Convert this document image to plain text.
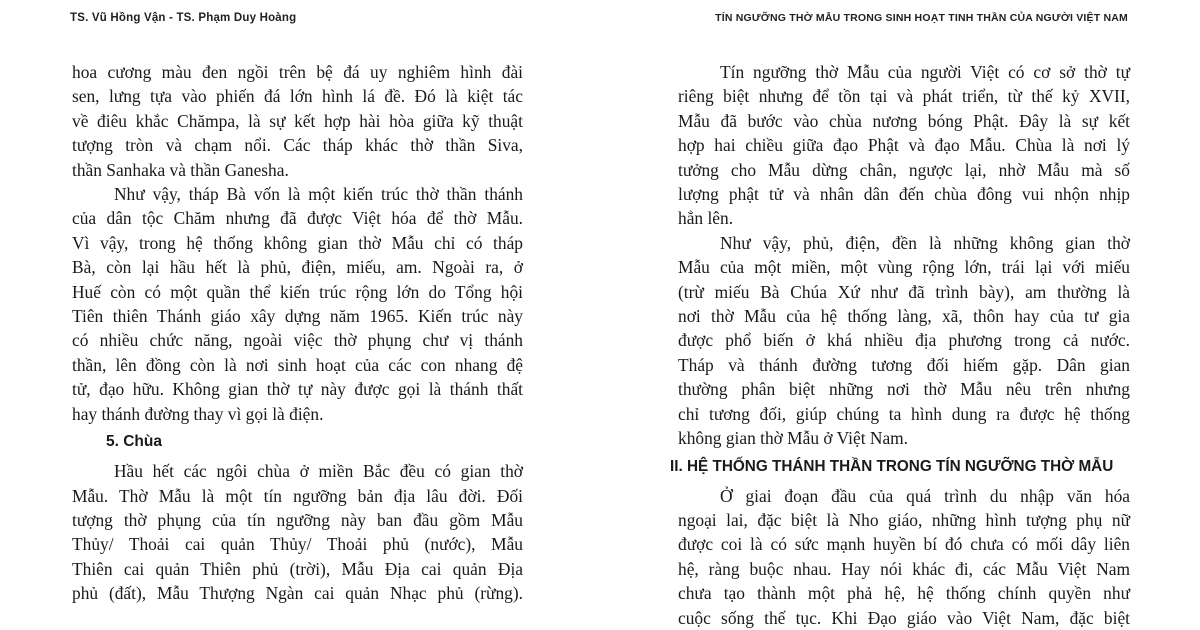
TS. Vũ Hồng Vận - TS. Phạm Duy Hoàng

hoa cương màu đen ngồi trên bệ đá uy nghiêm hình đài
sen, lưng tựa vào phiến đá lớn hình lá đề. Đó là kiệt tác
về điêu khắc Chămpa, là sự kết hợp hài hòa giữa kỹ thuật
tượng tròn và chạm nổi. Các tháp khác thờ thần Siva,
thần Sanhaka và thần Ganesha.

Như vậy, tháp Bà vốn là một kiến trúc thờ thần thánh
của dân tộc Chăm nhưng đã được Việt hóa để thờ Mẫu.
Vì vậy, trong hệ thống không gian thờ Mẫu chỉ có tháp
Bà, còn lại hầu hết là phủ, điện, miếu, am. Ngoài ra, ở
Huế còn có một quần thể kiến trúc rộng lớn do Tổng hội
Tiên thiên Thánh giáo xây dựng năm 1965. Kiến trúc này
có nhiều chức năng, ngoài việc thờ phụng chư vị thánh
thần, lên đồng còn là nơi sinh hoạt của các con nhang đệ
tử, đạo hữu. Không gian thờ tự này được gọi là thánh thất
hay thánh đường thay vì gọi là điện.

5. Chùa

Hầu hết các ngôi chùa ở miền Bắc đều có gian thờ
Mẫu. Thờ Mẫu là một tín ngưỡng bản địa lâu đời. Đối
tượng thờ phụng của tín ngưỡng này ban đầu gồm Mẫu
Thủy/ Thoải cai quản Thủy/ Thoải phủ (nước), Mẫu
Thiên cai quản Thiên phủ (trời), Mẫu Địa cai quản Địa
phủ (đất), Mẫu Thượng Ngàn cai quản Nhạc phủ (rừng).

TÍN NGƯỠNG THỜ MẪU TRONG SINH HOẠT TINH THẦN CỦA NGƯỜI VIỆT NAM

Tín ngưỡng thờ Mẫu của người Việt có cơ sở thờ tự
riêng biệt nhưng để tồn tại và phát triển, từ thế kỷ XVII,
Mẫu đã bước vào chùa nương bóng Phật. Đây là sự kết
hợp hai chiều giữa đạo Phật và đạo Mẫu. Chùa là nơi lý
tưởng cho Mẫu dừng chân, ngược lại, nhờ Mẫu mà số
lượng phật tử và nhân dân đến chùa đông vui nhộn nhịp
hẳn lên.

Như vậy, phủ, điện, đền là những không gian thờ
Mẫu của một miền, một vùng rộng lớn, trái lại với miếu
(trừ miếu Bà Chúa Xứ như đã trình bày), am thường là
nơi thờ Mẫu của hệ thống làng, xã, thôn hay của tư gia
được phổ biến ở khá nhiều địa phương trong cả nước.
Tháp và thánh đường tương đối hiếm gặp. Dân gian
thường phân biệt những nơi thờ Mẫu nêu trên nhưng
chỉ tương đối, giúp chúng ta hình dung ra được hệ thống
không gian thờ Mẫu ở Việt Nam.

II. HỆ THỐNG THÁNH THẦN TRONG TÍN NGƯỠNG THỜ MẪU

Ở giai đoạn đầu của quá trình du nhập văn hóa
ngoại lai, đặc biệt là Nho giáo, những hình tượng phụ nữ
được coi là có sức mạnh huyền bí đó chưa có mối dây liên
hệ, ràng buộc nhau. Hay nói khác đi, các Mẫu Việt Nam
chưa tạo thành một phả hệ, hệ thống chính quyền như
cuộc sống thế tục. Khi Đạo giáo vào Việt Nam, đặc biệt
